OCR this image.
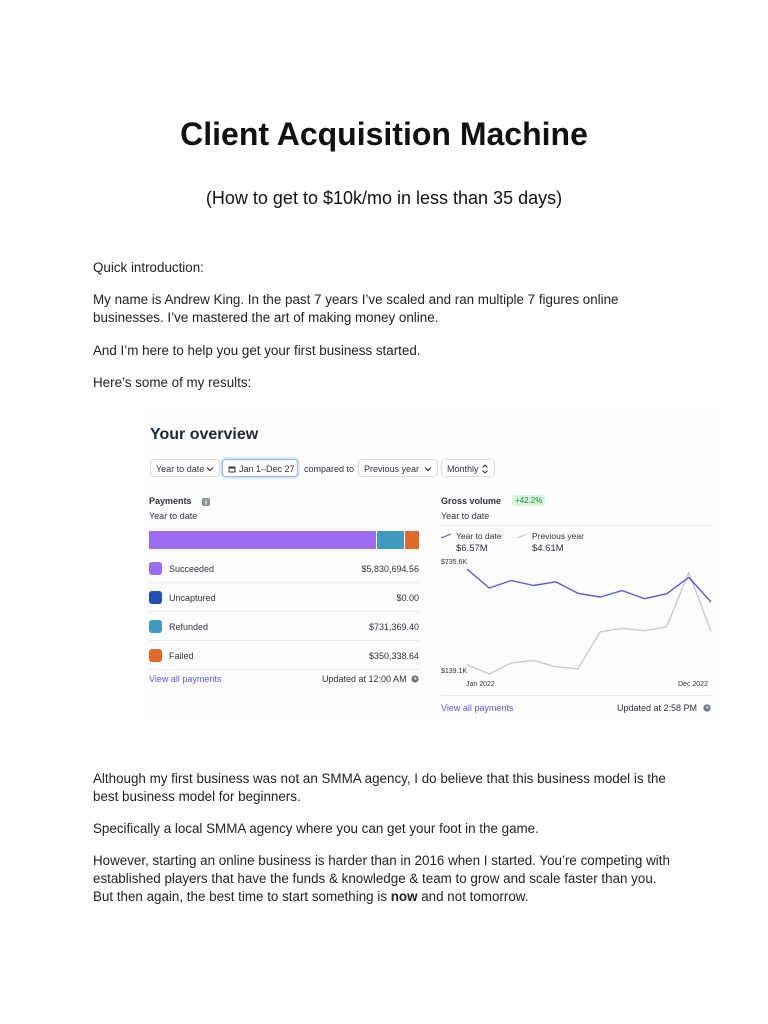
Client Acquisition Machine

(How to get to $10k/mo in less than 35 days)

Quick introduction:

My name is Andrew King. In the past 7 years I’ve scaled and ran multiple 7 figures online businesses. I’ve mastered the art of making money online.

And I’m here to help you get your first business started.

Here’s some of my results:

Your overview
Year to date	Jan 1–Dec 27	compared to	Previous year	Monthly
Payments
Year to date
Succeeded	$5,830,694.56
Uncaptured	$0.00
Refunded	$731,369.40
Failed	$350,338.64
View all payments	Updated at 12:00 AM
Gross volume	+42.2%
Year to date
Year to date
$6.57M
Previous year
$4.61M
$735.6K
$139.1K
Jan 2022	Dec 2022
View all payments	Updated at 2:58 PM

Although my first business was not an SMMA agency, I do believe that this business model is the best business model for beginners.

Specifically a local SMMA agency where you can get your foot in the game.

However, starting an online business is harder than in 2016 when I started. You’re competing with established players that have the funds & knowledge & team to grow and scale faster than you. But then again, the best time to start something is now and not tomorrow.
